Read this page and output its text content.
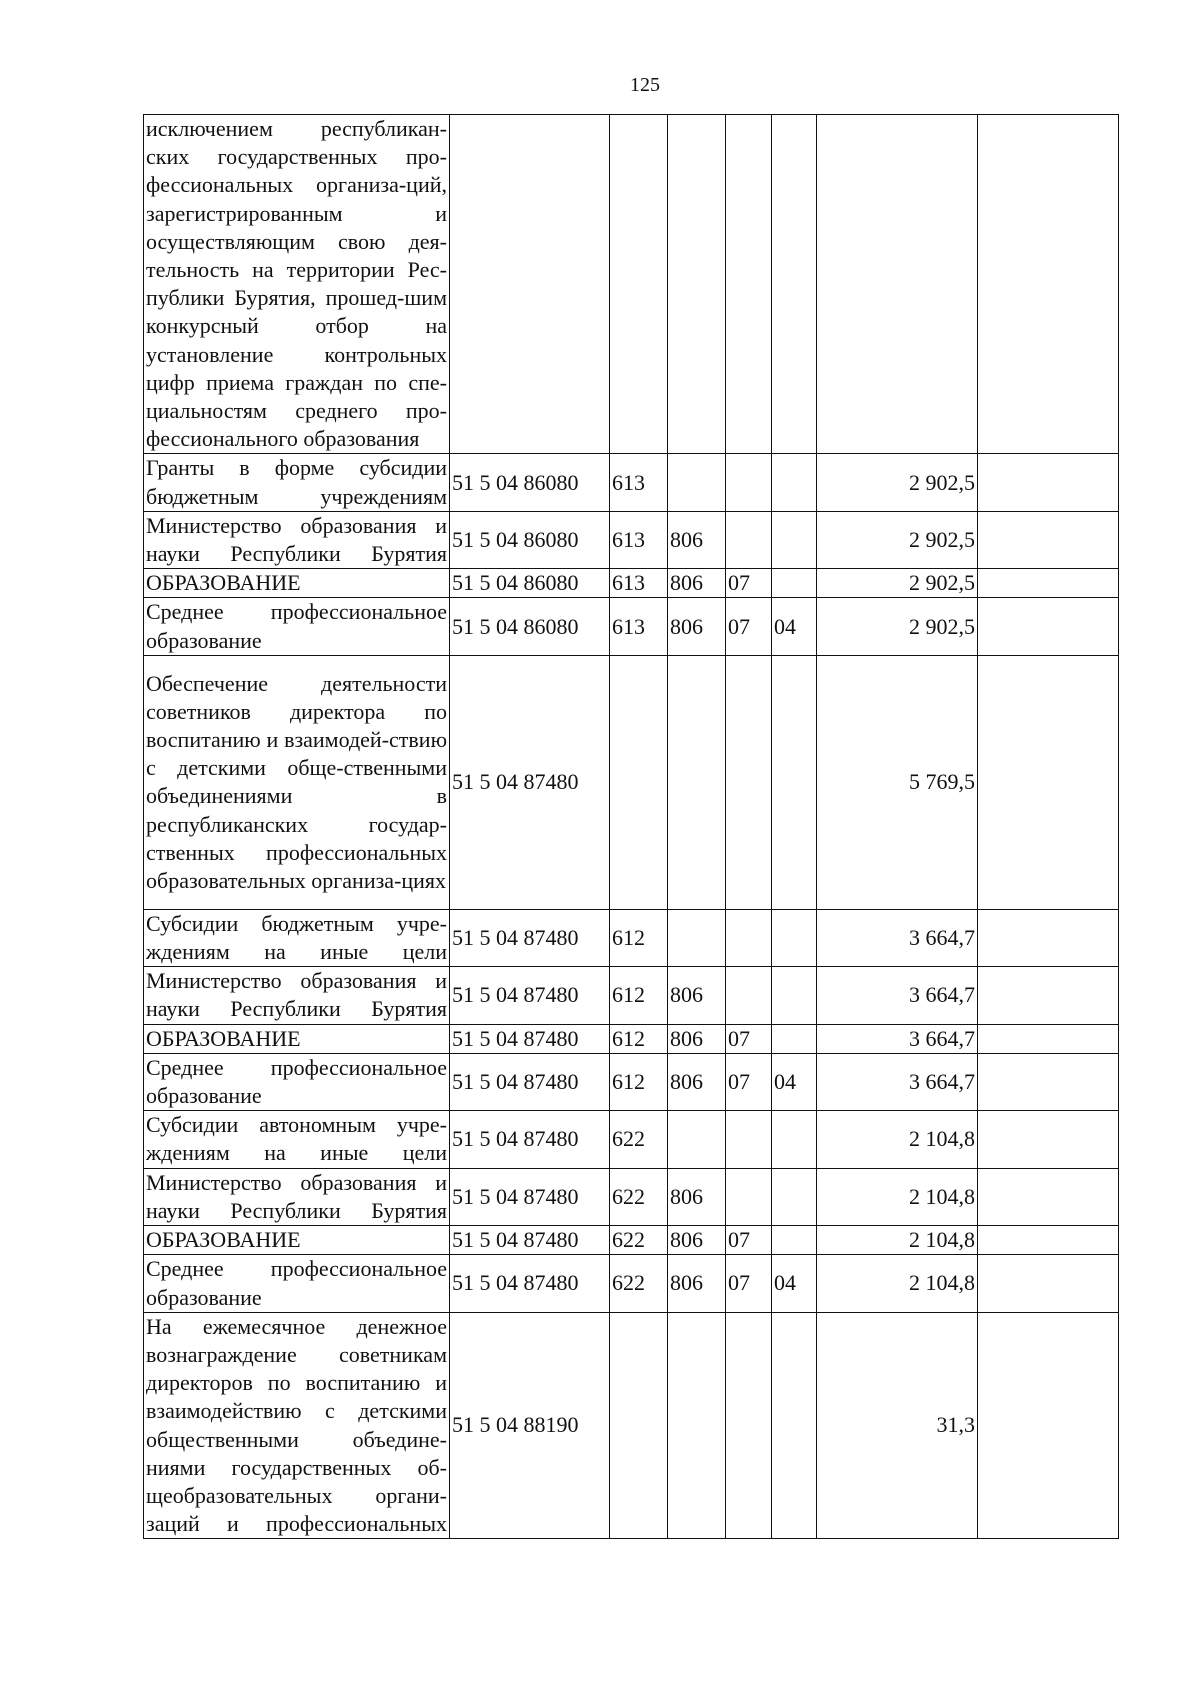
125
исключением республикан-ских государственных про-фессиональных организа-ций, зарегистрированным и осуществляющим свою дея-тельность на территории Рес-публики Бурятия, прошед-шим конкурсный отбор на установление контрольных цифр приема граждан по спе-циальностям среднего про-фессионального образования							
Гранты в форме субсидии бюджетным учреждениям	51 5 04 86080	613				2 902,5	
Министерство образования и науки Республики Бурятия	51 5 04 86080	613	806			2 902,5	
ОБРАЗОВАНИЕ	51 5 04 86080	613	806	07		2 902,5	
Среднее профессиональное образование	51 5 04 86080	613	806	07	04	2 902,5	
Обеспечение деятельности советников директора по воспитанию и взаимодей-ствию с детскими обще-ственными объединениями в республиканских государ-ственных профессиональных образовательных организа-циях	51 5 04 87480					5 769,5	
Субсидии бюджетным учре-ждениям на иные цели	51 5 04 87480	612				3 664,7	
Министерство образования и науки Республики Бурятия	51 5 04 87480	612	806			3 664,7	
ОБРАЗОВАНИЕ	51 5 04 87480	612	806	07		3 664,7	
Среднее профессиональное образование	51 5 04 87480	612	806	07	04	3 664,7	
Субсидии автономным учре-ждениям на иные цели	51 5 04 87480	622				2 104,8	
Министерство образования и науки Республики Бурятия	51 5 04 87480	622	806			2 104,8	
ОБРАЗОВАНИЕ	51 5 04 87480	622	806	07		2 104,8	
Среднее профессиональное образование	51 5 04 87480	622	806	07	04	2 104,8	
На ежемесячное денежное вознаграждение советникам директоров по воспитанию и взаимодействию с детскими общественными объедине-ниями государственных об-щеобразовательных органи-заций и профессиональных	51 5 04 88190					31,3	
